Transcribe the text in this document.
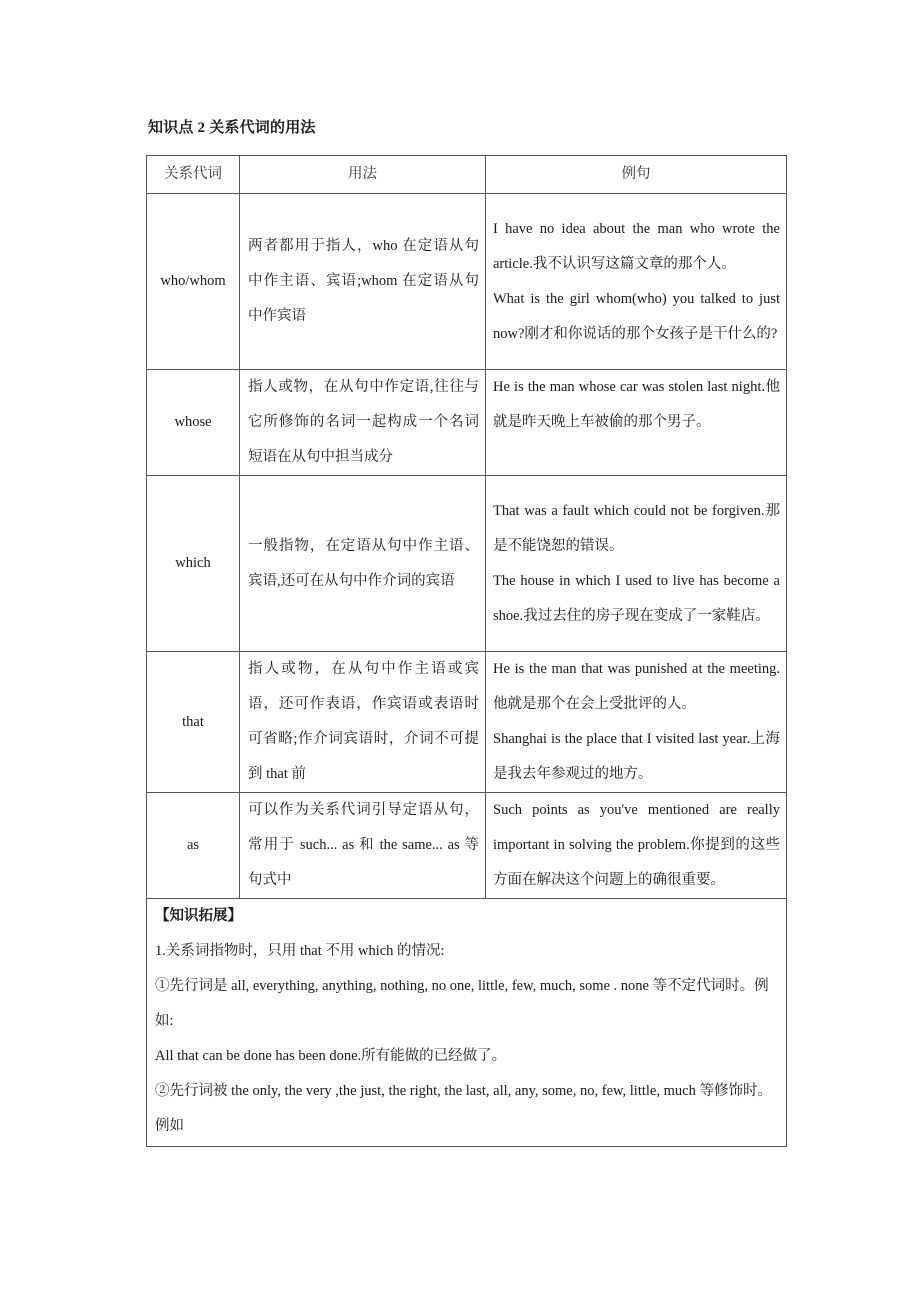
知识点 2 关系代词的用法
关系代词	用法	例句
who/whom	两者都用于指人，who 在定语从句中作主语、宾语;whom 在定语从句中作宾语	I have no idea about the man who wrote the article.我不认识写这篇文章的那个人。
What is the girl whom(who) you talked to just now?刚才和你说话的那个女孩子是干什么的?

whose	指人或物，在从句中作定语,往往与它所修饰的名词一起构成一个名词短语在从句中担当成分	He is the man whose car was stolen last night.他就是昨天晚上车被偷的那个男子。

which	一般指物，在定语从句中作主语、宾语,还可在从句中作介词的宾语	That was a fault which could not be forgiven.那是不能饶恕的错误。
The house in which I used to live has become a shoe.我过去住的房子现在变成了一家鞋店。

that	指人或物，在从句中作主语或宾语，还可作表语，作宾语或表语时可省略;作介词宾语时，介词不可提到 that 前	He is the man that was punished at the meeting.他就是那个在会上受批评的人。
Shanghai is the place that I visited last year.上海是我去年参观过的地方。

as	可以作为关系代词引导定语从句，常用于 such... as 和 the same... as 等句式中	Such points as you've mentioned are really important in solving the problem.你提到的这些方面在解决这个问题上的确很重要。

【知识拓展】
1.关系词指物时，只用 that 不用 which 的情况:
①先行词是 all, everything, anything, nothing, no one, little, few, much, some . none 等不定代词时。例如:
All that can be done has been done.所有能做的已经做了。
②先行词被 the only, the very ,the just, the right, the last, all, any, some, no, few, little, much 等修饰时。例如		
